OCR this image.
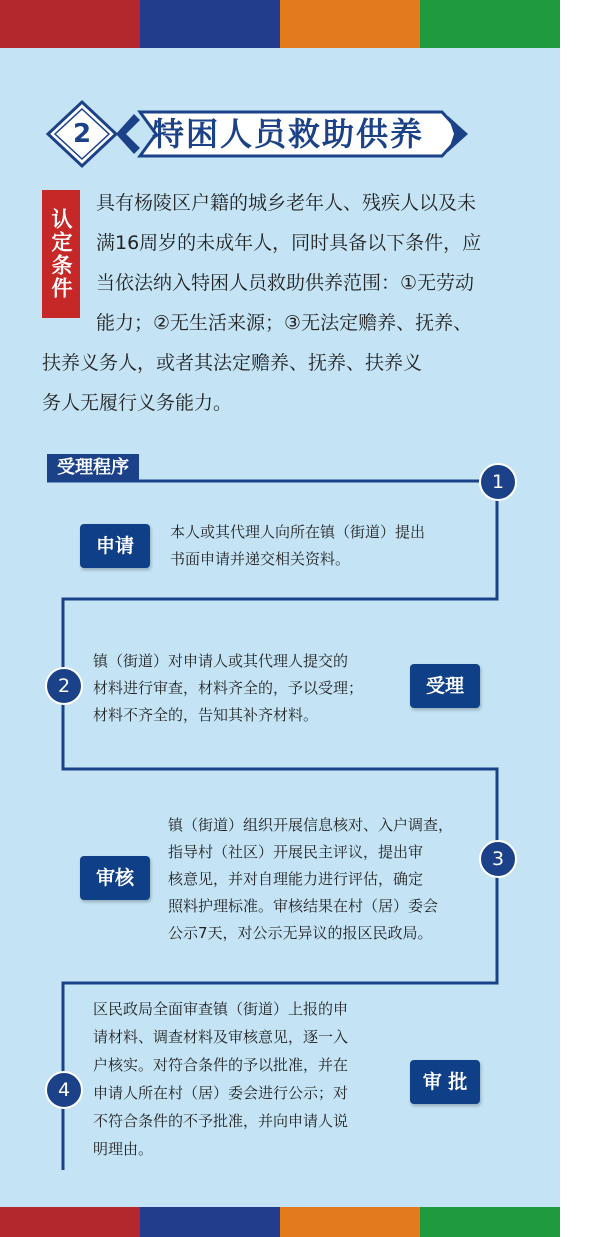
2	特困人员救助供养
认定条件
具有杨陵区户籍的城乡老年人、残疾人以及未
满16周岁的未成年人，同时具备以下条件，应
当依法纳入特困人员救助供养范围：①无劳动
能力；②无生活来源；③无法定赡养、抚养、
扶养义务人，或者其法定赡养、抚养、扶养义
务人无履行义务能力。
受理程序
1
申请
本人或其代理人向所在镇（街道）提出
书面申请并递交相关资料。
2	受理
镇（街道）对申请人或其代理人提交的
材料进行审查，材料齐全的，予以受理；
材料不齐全的，告知其补齐材料。
3
审核
镇（街道）组织开展信息核对、入户调查，
指导村（社区）开展民主评议，提出审
核意见，并对自理能力进行评估，确定
照料护理标准。审核结果在村（居）委会
公示7天，对公示无异议的报区民政局。
4	审 批
区民政局全面审查镇（街道）上报的申
请材料、调查材料及审核意见，逐一入
户核实。对符合条件的予以批准，并在
申请人所在村（居）委会进行公示；对
不符合条件的不予批准，并向申请人说
明理由。
